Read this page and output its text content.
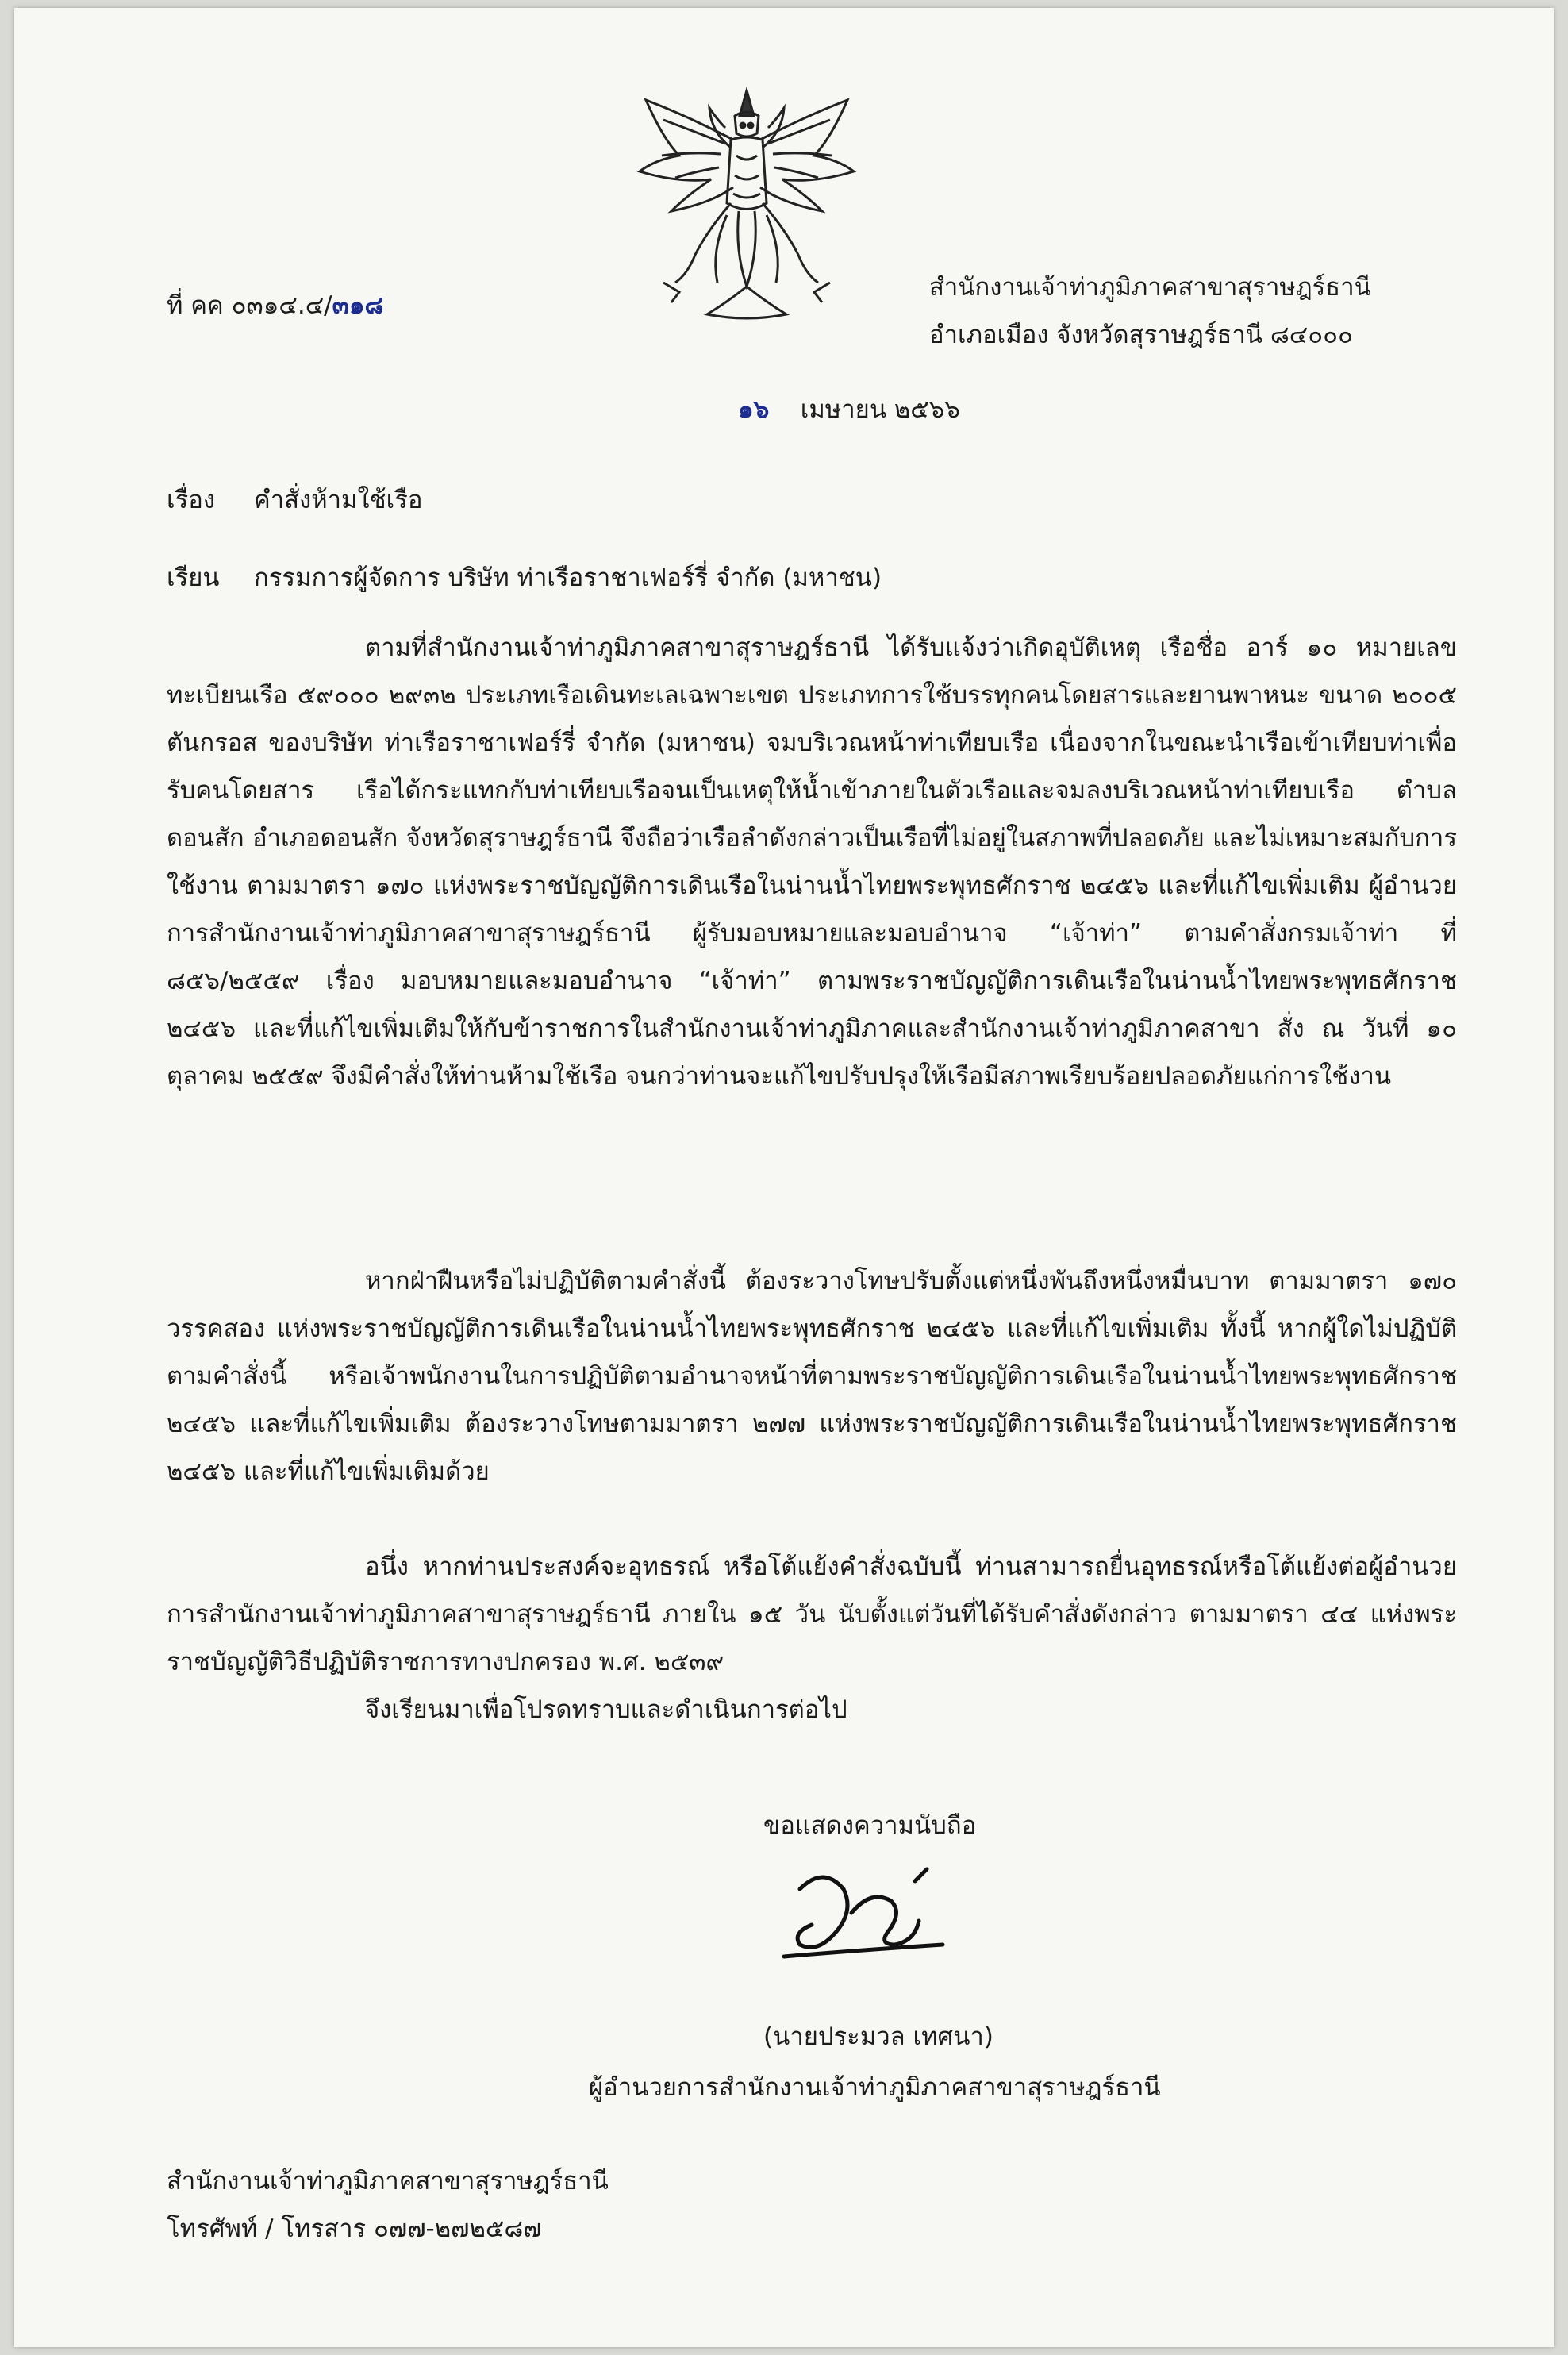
ที่ คค ๐๓๑๔.๔/๓๑๘
สำนักงานเจ้าท่าภูมิภาคสาขาสุราษฎร์ธานี
อำเภอเมือง จังหวัดสุราษฎร์ธานี ๘๔๐๐๐
๑๖ เมษายน ๒๕๖๖
เรื่อง คำสั่งห้ามใช้เรือ
เรียน กรรมการผู้จัดการ บริษัท ท่าเรือราชาเฟอร์รี่ จำกัด (มหาชน)
ตามที่สำนักงานเจ้าท่าภูมิภาคสาขาสุราษฎร์ธานี ได้รับแจ้งว่าเกิดอุบัติเหตุ เรือชื่อ อาร์ ๑๐ หมายเลขทะเบียนเรือ ๕๙๐๐๐ ๒๙๓๒ ประเภทเรือเดินทะเลเฉพาะเขต ประเภทการใช้บรรทุกคนโดยสารและยานพาหนะ ขนาด ๒๐๐๕ ตันกรอส ของบริษัท ท่าเรือราชาเฟอร์รี่ จำกัด (มหาชน) จมบริเวณหน้าท่าเทียบเรือ เนื่องจากในขณะนำเรือเข้าเทียบท่าเพื่อรับคนโดยสาร เรือได้กระแทกกับท่าเทียบเรือจนเป็นเหตุให้น้ำเข้าภายในตัวเรือและจมลงบริเวณหน้าท่าเทียบเรือ ตำบลดอนสัก อำเภอดอนสัก จังหวัดสุราษฎร์ธานี จึงถือว่าเรือลำดังกล่าวเป็นเรือที่ไม่อยู่ในสภาพที่ปลอดภัย และไม่เหมาะสมกับการใช้งาน ตามมาตรา ๑๗๐ แห่งพระราชบัญญัติการเดินเรือในน่านน้ำไทยพระพุทธศักราช ๒๔๕๖ และที่แก้ไขเพิ่มเติม ผู้อำนวยการสำนักงานเจ้าท่าภูมิภาคสาขาสุราษฎร์ธานี ผู้รับมอบหมายและมอบอำนาจ “เจ้าท่า” ตามคำสั่งกรมเจ้าท่า ที่ ๘๕๖/๒๕๕๙ เรื่อง มอบหมายและมอบอำนาจ “เจ้าท่า” ตามพระราชบัญญัติการเดินเรือในน่านน้ำไทยพระพุทธศักราช ๒๔๕๖ และที่แก้ไขเพิ่มเติมให้กับข้าราชการในสำนักงานเจ้าท่าภูมิภาคและสำนักงานเจ้าท่าภูมิภาคสาขา สั่ง ณ วันที่ ๑๐ ตุลาคม ๒๕๕๙ จึงมีคำสั่งให้ท่านห้ามใช้เรือ จนกว่าท่านจะแก้ไขปรับปรุงให้เรือมีสภาพเรียบร้อยปลอดภัยแก่การใช้งาน
หากฝ่าฝืนหรือไม่ปฏิบัติตามคำสั่งนี้ ต้องระวางโทษปรับตั้งแต่หนึ่งพันถึงหนึ่งหมื่นบาท ตามมาตรา ๑๗๐ วรรคสอง แห่งพระราชบัญญัติการเดินเรือในน่านน้ำไทยพระพุทธศักราช ๒๔๕๖ และที่แก้ไขเพิ่มเติม ทั้งนี้ หากผู้ใดไม่ปฏิบัติตามคำสั่งนี้ หรือเจ้าพนักงานในการปฏิบัติตามอำนาจหน้าที่ตามพระราชบัญญัติการเดินเรือในน่านน้ำไทยพระพุทธศักราช ๒๔๕๖ และที่แก้ไขเพิ่มเติม ต้องระวางโทษตามมาตรา ๒๗๗ แห่งพระราชบัญญัติการเดินเรือในน่านน้ำไทยพระพุทธศักราช ๒๔๕๖ และที่แก้ไขเพิ่มเติมด้วย
อนึ่ง หากท่านประสงค์จะอุทธรณ์ หรือโต้แย้งคำสั่งฉบับนี้ ท่านสามารถยื่นอุทธรณ์หรือโต้แย้งต่อผู้อำนวยการสำนักงานเจ้าท่าภูมิภาคสาขาสุราษฎร์ธานี ภายใน ๑๕ วัน นับตั้งแต่วันที่ได้รับคำสั่งดังกล่าว ตามมาตรา ๔๔ แห่งพระราชบัญญัติวิธีปฏิบัติราชการทางปกครอง พ.ศ. ๒๕๓๙
จึงเรียนมาเพื่อโปรดทราบและดำเนินการต่อไป
ขอแสดงความนับถือ
(นายประมวล เทศนา)
ผู้อำนวยการสำนักงานเจ้าท่าภูมิภาคสาขาสุราษฎร์ธานี
สำนักงานเจ้าท่าภูมิภาคสาขาสุราษฎร์ธานี
โทรศัพท์ / โทรสาร ๐๗๗-๒๗๒๕๘๗
